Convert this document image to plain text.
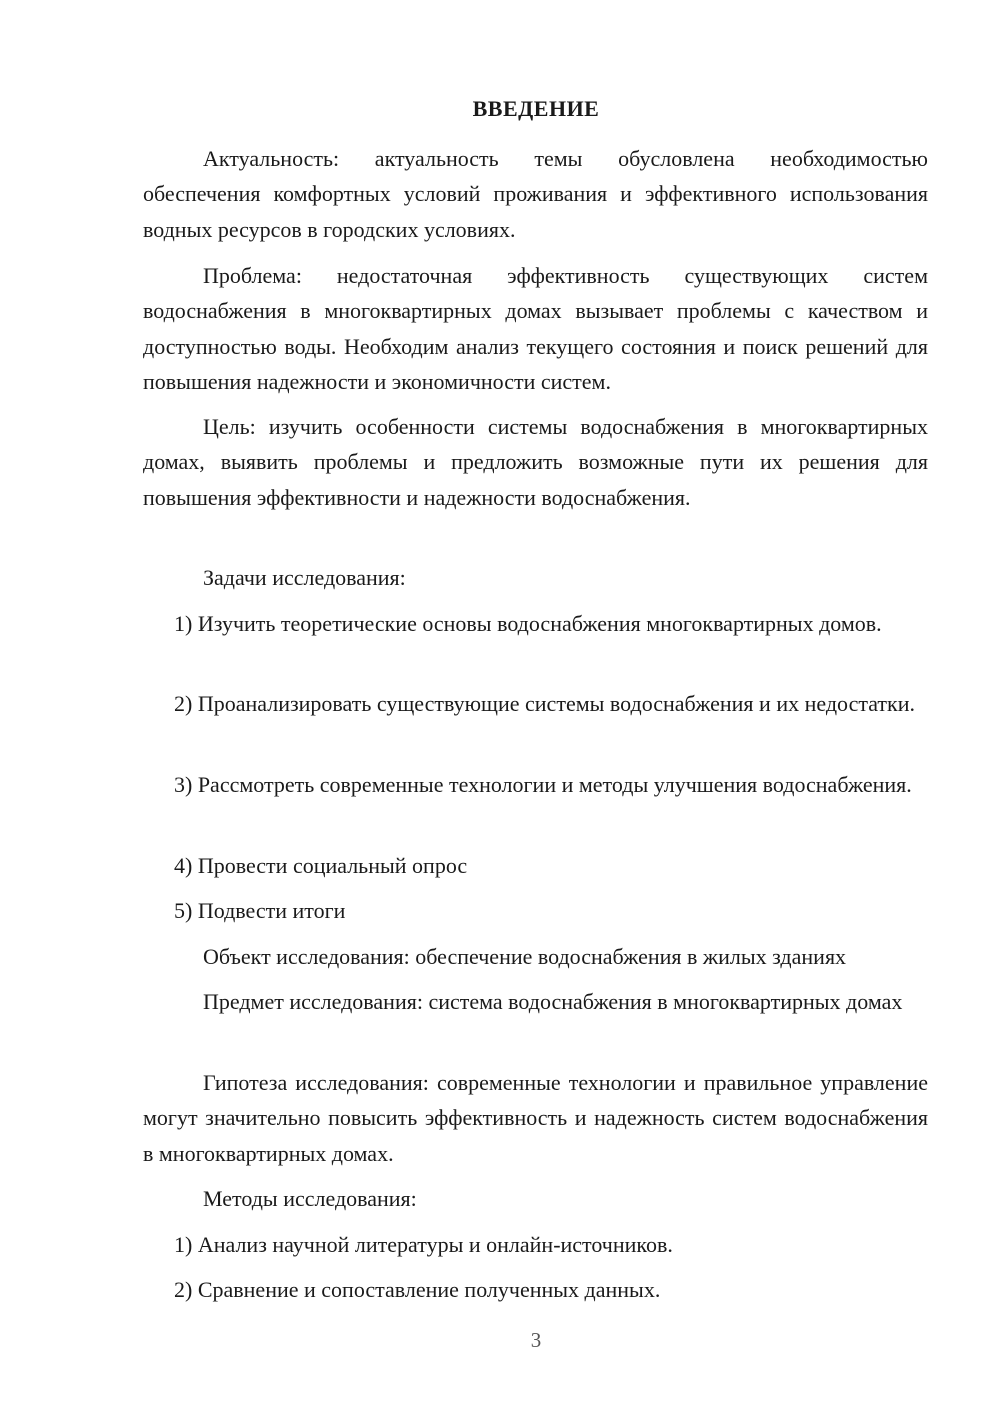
ВВЕДЕНИЕ

Актуальность: актуальность темы обусловлена необходимостью обеспечения комфортных условий проживания и эффективного использования водных ресурсов в городских условиях.

Проблема: недостаточная эффективность существующих систем водоснабжения в многоквартирных домах вызывает проблемы с качеством и доступностью воды. Необходим анализ текущего состояния и поиск решений для повышения надежности и экономичности систем.

Цель: изучить особенности системы водоснабжения в многоквартирных домах, выявить проблемы и предложить возможные пути их решения для повышения эффективности и надежности водоснабжения.

Задачи исследования:

1) Изучить теоретические основы водоснабжения многоквартирных домов.

2) Проанализировать существующие системы водоснабжения и их недостатки.

3) Рассмотреть современные технологии и методы улучшения водоснабжения.

4) Провести социальный опрос

5) Подвести итоги

Объект исследования: обеспечение водоснабжения в жилых зданиях

Предмет исследования: система водоснабжения в многоквартирных домах

Гипотеза исследования: современные технологии и правильное управление могут значительно повысить эффективность и надежность систем водоснабжения в многоквартирных домах.

Методы исследования:

1) Анализ научной литературы и онлайн-источников.

2) Сравнение и сопоставление полученных данных.

3
